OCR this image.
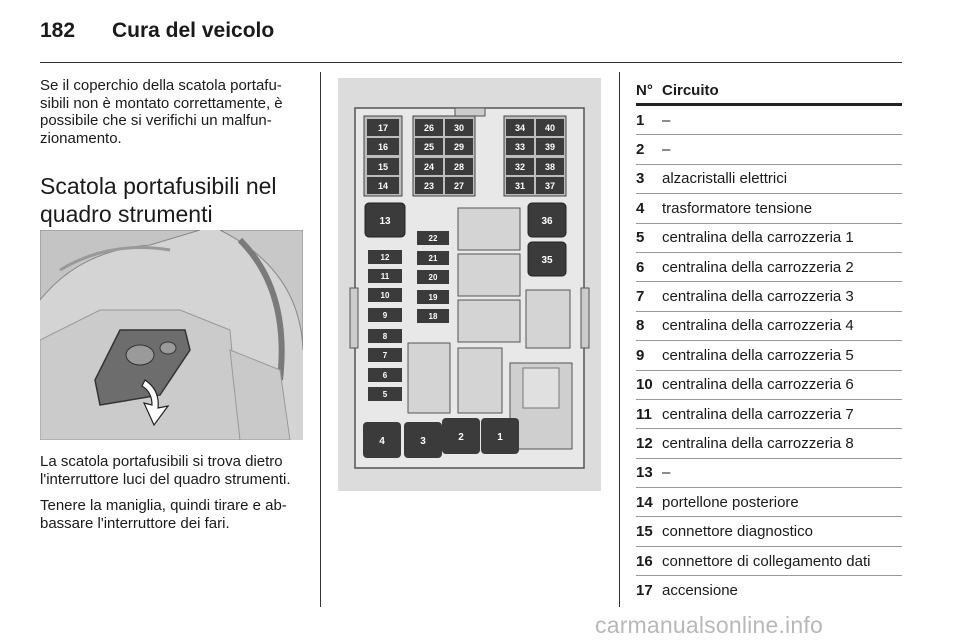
182 Cura del veicolo

Se il coperchio della scatola portafu-
sibili non è montato correttamente, è
possibile che si verifichi un malfun-
zionamento.

Scatola portafusibili nel
quadro strumenti

La scatola portafusibili si trova dietro
l'interruttore luci del quadro strumenti.

Tenere la maniglia, quindi tirare e ab-
bassare l'interruttore dei fari.

17
16
15
14
26
25
24
23
30
29
28
27
34
33
32
31
40
39
38
37
13	36
35
12
11
10
9
8
7
6
5
22
21
20
19
18
4	3	2	1
N° Circuito
1	–
2	–
3	alzacristalli elettrici
4	trasformatore tensione
5	centralina della carrozzeria 1
6	centralina della carrozzeria 2
7	centralina della carrozzeria 3
8	centralina della carrozzeria 4
9	centralina della carrozzeria 5
10 centralina della carrozzeria 6
11 centralina della carrozzeria 7
12 centralina della carrozzeria 8
13 –
14 portellone posteriore
15 connettore diagnostico
16 connettore di collegamento dati
17 accensione
carmanualsonline.info
